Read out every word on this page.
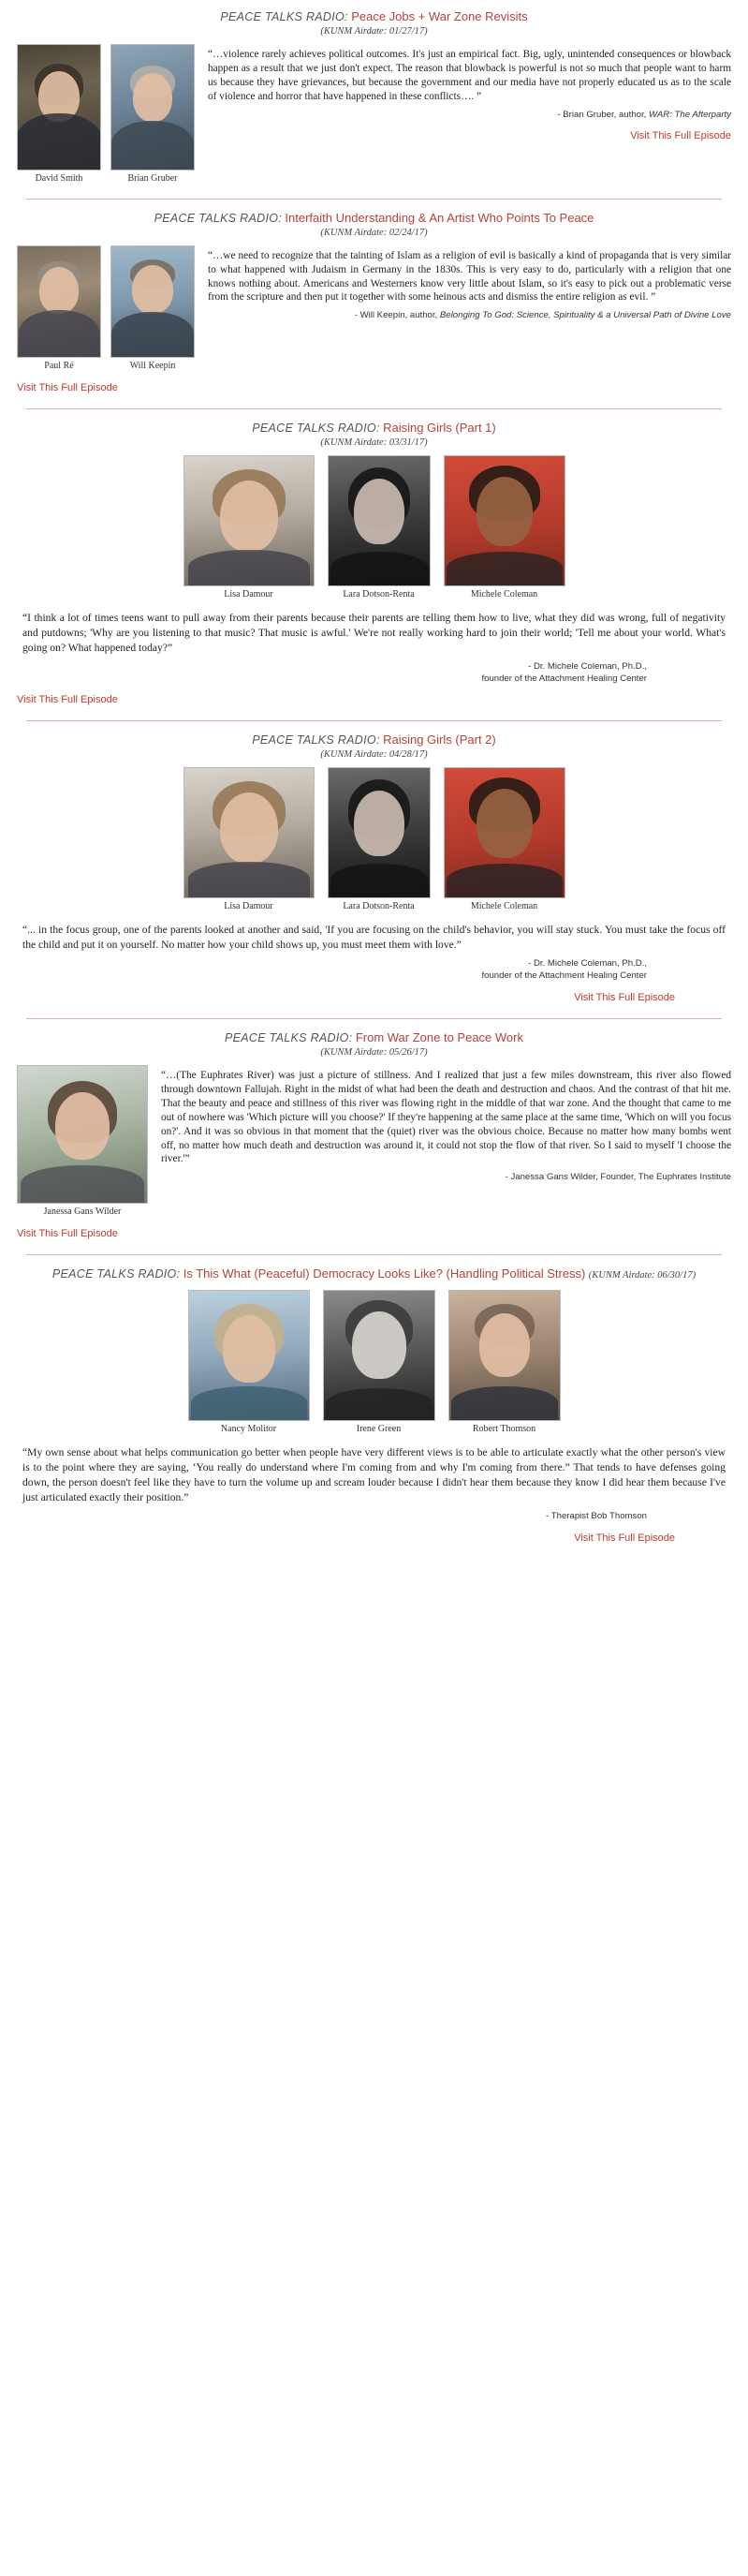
PEACE TALKS RADIO: Peace Jobs + War Zone Revisits
(KUNM Airdate: 01/27/17)
David Smith	Brian Gruber
“…violence rarely achieves political outcomes. It's just an empirical fact. Big, ugly, unintended consequences or blowback happen as a result that we just don't expect. The reason that blowback is powerful is not so much that people want to harm us because they have grievances, but because the government and our media have not properly educated us as to the scale of violence and horror that have happened in these conflicts…. ”
- Brian Gruber, author, WAR: The Afterparty
Visit This Full Episode
PEACE TALKS RADIO: Interfaith Understanding & An Artist Who Points To Peace
(KUNM Airdate: 02/24/17)
Paul Ré	Will Keepin
“…we need to recognize that the tainting of Islam as a religion of evil is basically a kind of propaganda that is very similar to what happened with Judaism in Germany in the 1830s. This is very easy to do, particularly with a religion that one knows nothing about. Americans and Westerners know very little about Islam, so it's easy to pick out a problematic verse from the scripture and then put it together with some heinous acts and dismiss the entire religion as evil. ”
- Will Keepin, author, Belonging To God: Science, Spirituality & a Universal Path of Divine Love
Visit This Full Episode
PEACE TALKS RADIO: Raising Girls (Part 1)
(KUNM Airdate: 03/31/17)
Lisa Damour	Lara Dotson-Renta	Michele Coleman
“I think a lot of times teens want to pull away from their parents because their parents are telling them how to live, what they did was wrong, full of negativity and putdowns; 'Why are you listening to that music? That music is awful.' We're not really working hard to join their world; 'Tell me about your world. What's going on? What happened today?”
- Dr. Michele Coleman, Ph.D.,
founder of the Attachment Healing Center
Visit This Full Episode
PEACE TALKS RADIO: Raising Girls (Part 2)
(KUNM Airdate: 04/28/17)
Lisa Damour	Lara Dotson-Renta	Michele Coleman
“... in the focus group, one of the parents looked at another and said, 'If you are focusing on the child's behavior, you will stay stuck. You must take the focus off the child and put it on yourself. No matter how your child shows up, you must meet them with love.”
- Dr. Michele Coleman, Ph.D.,
founder of the Attachment Healing Center
Visit This Full Episode
PEACE TALKS RADIO: From War Zone to Peace Work
(KUNM Airdate: 05/26/17)
Janessa Gans Wilder
“…(The Euphrates River) was just a picture of stillness. And I realized that just a few miles downstream, this river also flowed through downtown Fallujah. Right in the midst of what had been the death and destruction and chaos. And the contrast of that hit me. That the beauty and peace and stillness of this river was flowing right in the middle of that war zone. And the thought that came to me out of nowhere was 'Which picture will you choose?' If they're happening at the same place at the same time, 'Which on will you focus on?'. And it was so obvious in that moment that the (quiet) river was the obvious choice. Because no matter how many bombs went off, no matter how much death and destruction was around it, it could not stop the flow of that river. So I said to myself 'I choose the river.'”
- Janessa Gans Wilder, Founder, The Euphrates Institute
Visit This Full Episode
PEACE TALKS RADIO: Is This What (Peaceful) Democracy Looks Like? (Handling Political Stress) (KUNM Airdate: 06/30/17)
Nancy Molitor	Irene Green	Robert Thomson
“My own sense about what helps communication go better when people have very different views is to be able to articulate exactly what the other person's view is to the point where they are saying, ‘You really do understand where I'm coming from and why I'm coming from there.” That tends to have defenses going down, the person doesn't feel like they have to turn the volume up and scream louder because I didn't hear them because they know I did hear them because I've just articulated exactly their position.”
- Therapist Bob Thomson
Visit This Full Episode
